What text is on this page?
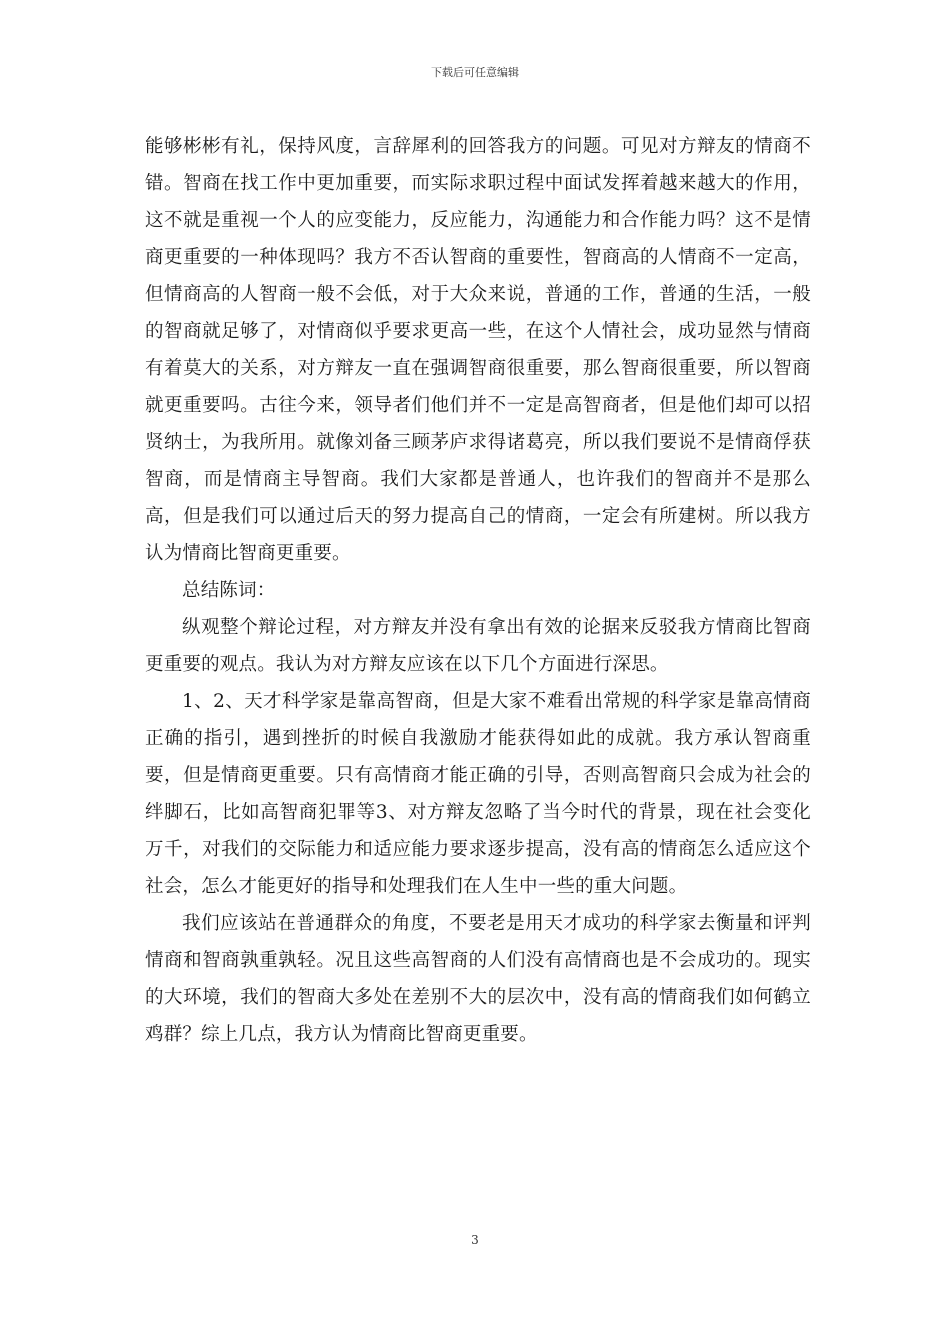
下载后可任意编辑

能够彬彬有礼，保持风度，言辞犀利的回答我方的问题。可见对方辩友的情商不错。智商在找工作中更加重要，而实际求职过程中面试发挥着越来越大的作用，这不就是重视一个人的应变能力，反应能力，沟通能力和合作能力吗？这不是情商更重要的一种体现吗？我方不否认智商的重要性，智商高的人情商不一定高，但情商高的人智商一般不会低，对于大众来说，普通的工作，普通的生活，一般的智商就足够了，对情商似乎要求更高一些，在这个人情社会，成功显然与情商有着莫大的关系，对方辩友一直在强调智商很重要，那么智商很重要，所以智商就更重要吗。古往今来，领导者们他们并不一定是高智商者，但是他们却可以招贤纳士，为我所用。就像刘备三顾茅庐求得诸葛亮，所以我们要说不是情商俘获智商，而是情商主导智商。我们大家都是普通人，也许我们的智商并不是那么高，但是我们可以通过后天的努力提高自己的情商，一定会有所建树。所以我方认为情商比智商更重要。

总结陈词：

纵观整个辩论过程，对方辩友并没有拿出有效的论据来反驳我方情商比智商更重要的观点。我认为对方辩友应该在以下几个方面进行深思。

1、2、天才科学家是靠高智商，但是大家不难看出常规的科学家是靠高情商正确的指引，遇到挫折的时候自我激励才能获得如此的成就。我方承认智商重要，但是情商更重要。只有高情商才能正确的引导，否则高智商只会成为社会的绊脚石，比如高智商犯罪等3、对方辩友忽略了当今时代的背景，现在社会变化万千，对我们的交际能力和适应能力要求逐步提高，没有高的情商怎么适应这个社会，怎么才能更好的指导和处理我们在人生中一些的重大问题。

我们应该站在普通群众的角度，不要老是用天才成功的科学家去衡量和评判情商和智商孰重孰轻。况且这些高智商的人们没有高情商也是不会成功的。现实的大环境，我们的智商大多处在差别不大的层次中，没有高的情商我们如何鹤立鸡群？综上几点，我方认为情商比智商更重要。

3
